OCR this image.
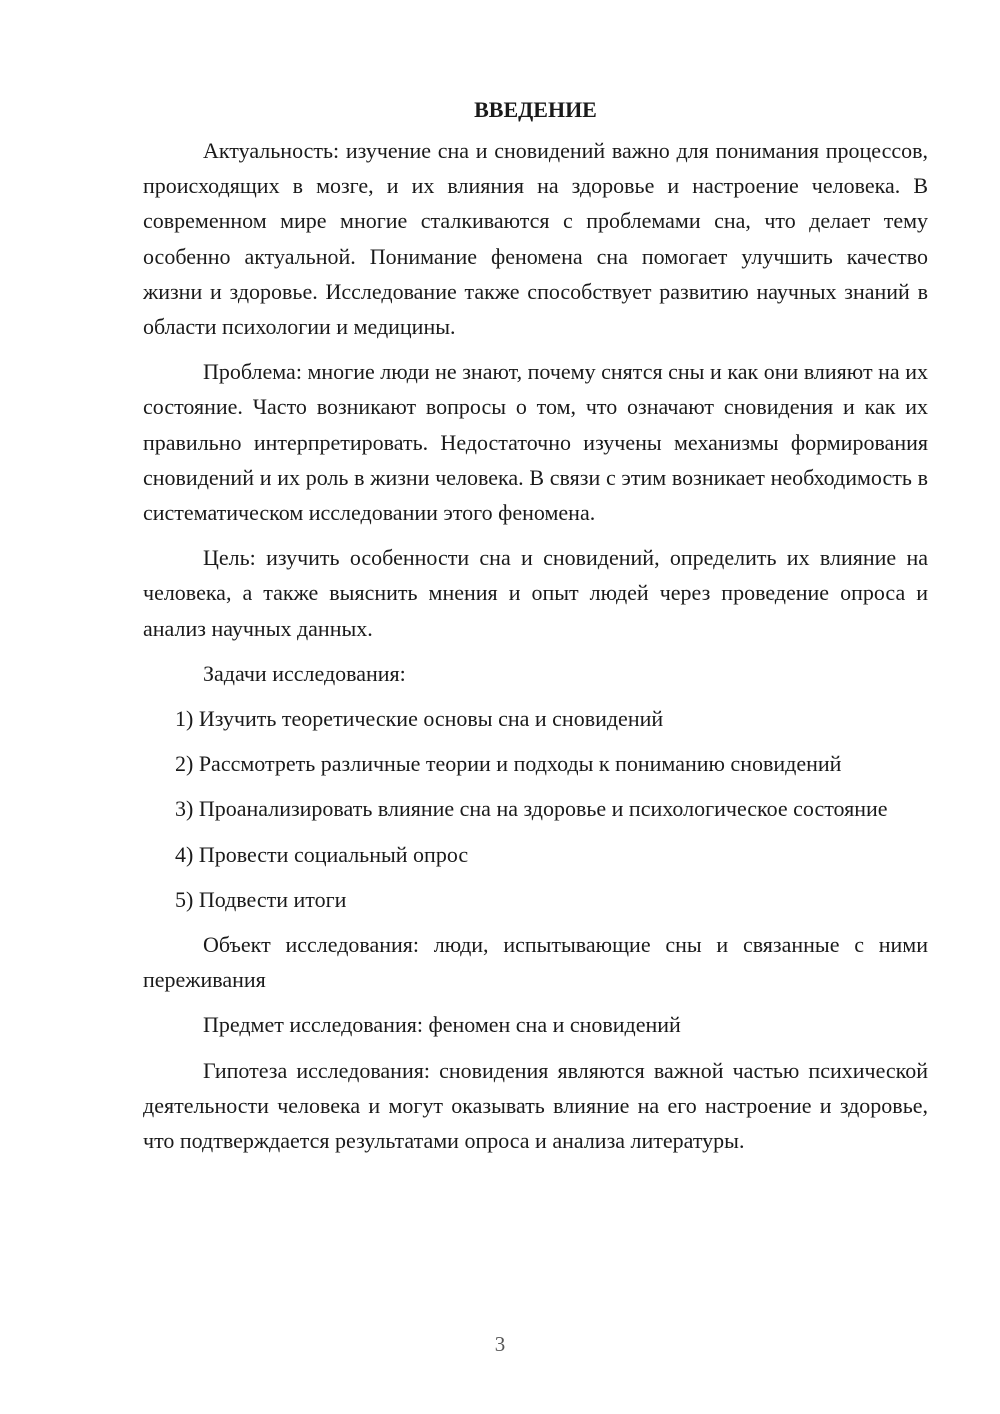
ВВЕДЕНИЕ

Актуальность: изучение сна и сновидений важно для понимания процессов, происходящих в мозге, и их влияния на здоровье и настроение человека. В современном мире многие сталкиваются с проблемами сна, что делает тему особенно актуальной. Понимание феномена сна помогает улучшить качество жизни и здоровье. Исследование также способствует развитию научных знаний в области психологии и медицины.

Проблема: многие люди не знают, почему снятся сны и как они влияют на их состояние. Часто возникают вопросы о том, что означают сновидения и как их правильно интерпретировать. Недостаточно изучены механизмы формирования сновидений и их роль в жизни человека. В связи с этим возникает необходимость в систематическом исследовании этого феномена.

Цель: изучить особенности сна и сновидений, определить их влияние на человека, а также выяснить мнения и опыт людей через проведение опроса и анализ научных данных.

Задачи исследования:

1) Изучить теоретические основы сна и сновидений

2) Рассмотреть различные теории и подходы к пониманию сновидений

3) Проанализировать влияние сна на здоровье и психологическое состояние

4) Провести социальный опрос

5) Подвести итоги

Объект исследования: люди, испытывающие сны и связанные с ними переживания

Предмет исследования: феномен сна и сновидений

Гипотеза исследования: сновидения являются важной частью психической деятельности человека и могут оказывать влияние на его настроение и здоровье, что подтверждается результатами опроса и анализа литературы.

3
